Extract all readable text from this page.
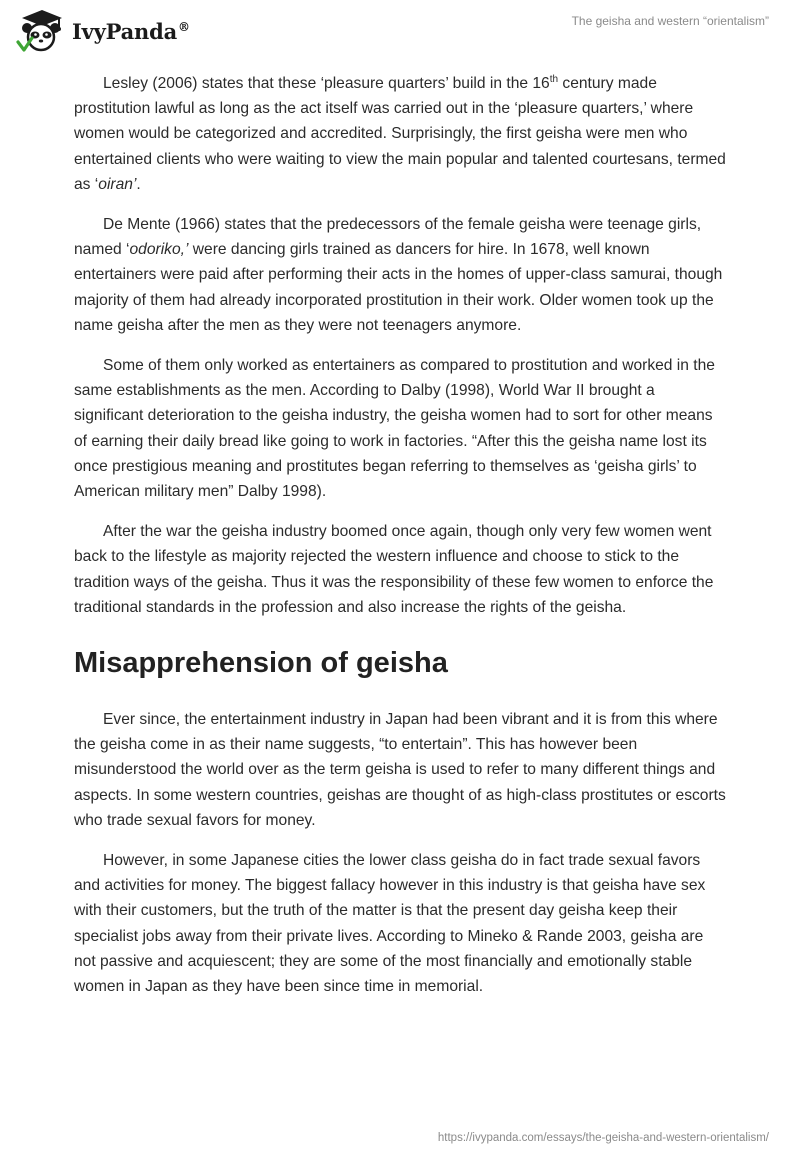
IvyPanda®	The geisha and western “orientalism”

Lesley (2006) states that these ‘pleasure quarters’ build in the 16th century made prostitution lawful as long as the act itself was carried out in the ‘pleasure quarters,’ where women would be categorized and accredited. Surprisingly, the first geisha were men who entertained clients who were waiting to view the main popular and talented courtesans, termed as ‘oiran’.

De Mente (1966) states that the predecessors of the female geisha were teenage girls, named ‘odoriko,’ were dancing girls trained as dancers for hire. In 1678, well known entertainers were paid after performing their acts in the homes of upper-class samurai, though majority of them had already incorporated prostitution in their work. Older women took up the name geisha after the men as they were not teenagers anymore.

Some of them only worked as entertainers as compared to prostitution and worked in the same establishments as the men. According to Dalby (1998), World War II brought a significant deterioration to the geisha industry, the geisha women had to sort for other means of earning their daily bread like going to work in factories. “After this the geisha name lost its once prestigious meaning and prostitutes began referring to themselves as ‘geisha girls’ to American military men” Dalby 1998).

After the war the geisha industry boomed once again, though only very few women went back to the lifestyle as majority rejected the western influence and choose to stick to the tradition ways of the geisha. Thus it was the responsibility of these few women to enforce the traditional standards in the profession and also increase the rights of the geisha.

Misapprehension of geisha

Ever since, the entertainment industry in Japan had been vibrant and it is from this where the geisha come in as their name suggests, “to entertain”. This has however been misunderstood the world over as the term geisha is used to refer to many different things and aspects. In some western countries, geishas are thought of as high-class prostitutes or escorts who trade sexual favors for money.

However, in some Japanese cities the lower class geisha do in fact trade sexual favors and activities for money. The biggest fallacy however in this industry is that geisha have sex with their customers, but the truth of the matter is that the present day geisha keep their specialist jobs away from their private lives. According to Mineko & Rande 2003, geisha are not passive and acquiescent; they are some of the most financially and emotionally stable women in Japan as they have been since time in memorial.

https://ivypanda.com/essays/the-geisha-and-western-orientalism/
